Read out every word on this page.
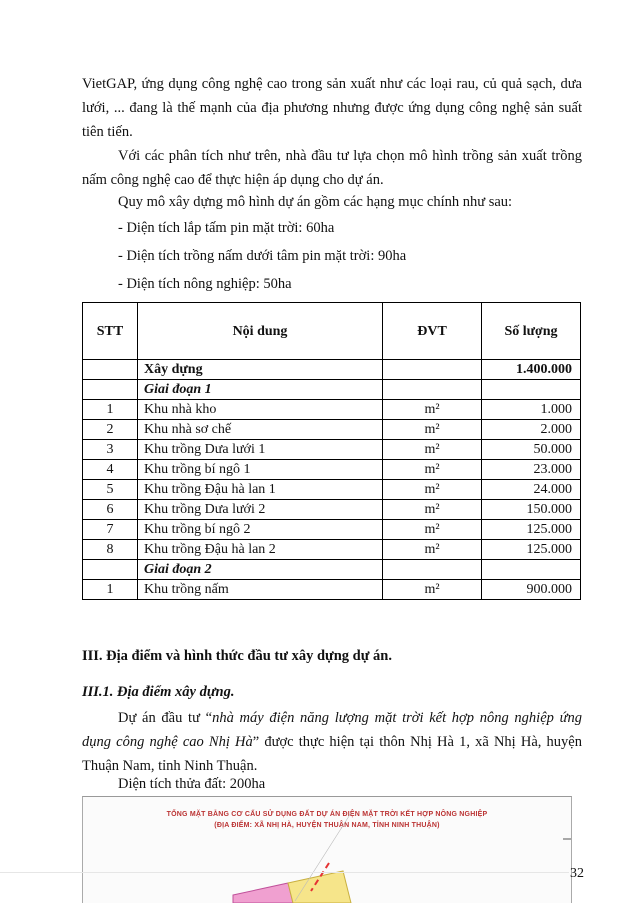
VietGAP, ứng dụng công nghệ cao trong sản xuất như các loại rau, củ quả sạch, dưa lưới, ... đang là thế mạnh của địa phương nhưng được ứng dụng công nghệ sản suất tiên tiến.

Với các phân tích như trên, nhà đầu tư lựa chọn mô hình trồng sản xuất trồng nấm công nghệ cao để thực hiện áp dụng cho dự án.

Quy mô xây dựng mô hình dự án gồm các hạng mục chính như sau:

- Diện tích lắp tấm pin mặt trời: 60ha

- Diện tích trồng nấm dưới tâm pin mặt trời: 90ha

- Diện tích nông nghiệp: 50ha

STT	Nội dung	ĐVT	Số lượng
	Xây dựng		1.400.000
	Giai đoạn 1		
1	Khu nhà kho	m²	1.000
2	Khu nhà sơ chế	m²	2.000
3	Khu trồng Dưa lưới 1	m²	50.000
4	Khu trồng bí ngô 1	m²	23.000
5	Khu trồng Đậu hà lan 1	m²	24.000
6	Khu trồng Dưa lưới 2	m²	150.000
7	Khu trồng bí ngô 2	m²	125.000
8	Khu trồng Đậu hà lan 2	m²	125.000
	Giai đoạn 2		
1	Khu trồng nấm	m²	900.000

III. Địa điểm và hình thức đầu tư xây dựng dự án.

III.1. Địa điểm xây dựng.

Dự án đầu tư “nhà máy điện năng lượng mặt trời kết hợp nông nghiệp ứng dụng công nghệ cao Nhị Hà” được thực hiện tại thôn Nhị Hà 1, xã Nhị Hà, huyện Thuận Nam, tỉnh Ninh Thuận.

Diện tích thửa đất: 200ha

TỔNG MẶT BẰNG CƠ CẤU SỬ DỤNG ĐẤT DỰ ÁN ĐIỆN MẶT TRỜI KẾT HỢP NÔNG NGHIỆP
(ĐỊA ĐIỂM: XÃ NHỊ HÀ, HUYỆN THUẬN NAM, TỈNH NINH THUẬN)
32
